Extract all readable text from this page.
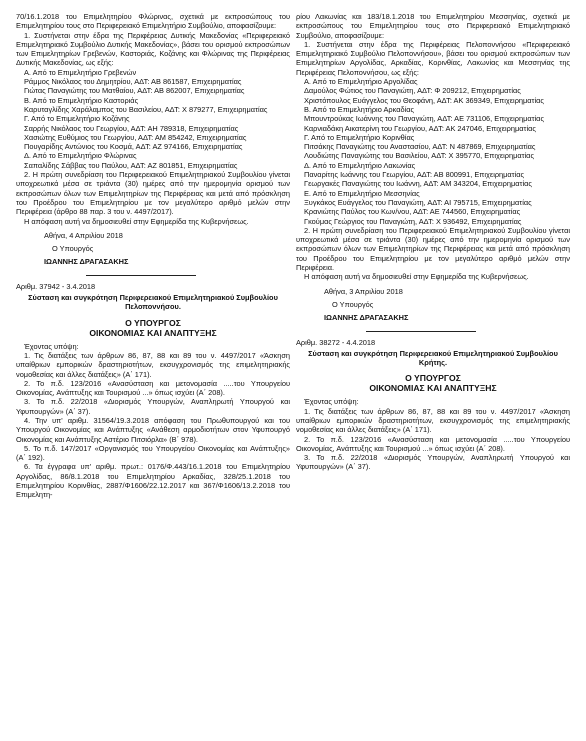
70/16.1.2018 του Επιμελητηρίου Φλώρινας, σχετικά με εκπροσώπους του Επιμελητηρίου τους στο Περιφερειακό Επιμελητήριο Συμβούλιο, αποφασίζουμε:

1. Συστήνεται στην έδρα της Περιφέρειας Δυτικής Μακεδονίας «Περιφερειακό Επιμελητηριακό Συμβούλιο Δυτικής Μακεδονίας», βάσει του ορισμού εκπροσώπων των Επιμελητηρίων Γρεβενών, Καστοριάς, Κοζάνης και Φλώρινας της Περιφέρειας Δυτικής Μακεδονίας, ως εξής:

Α. Από το Επιμελητήριο Γρεβενών

Ράμμος Νικόλαος του Δημητρίου, ΑΔΤ: ΑΒ 861587, Επιχειρηματίας

Γιώτας Παναγιώτης του Ματθαίου, ΑΔΤ: ΑΒ 862007, Επιχειρηματίας

Β. Από το Επιμελητήριο Καστοριάς

Καρυταγλίδης Χαράλαμπος του Βασιλείου, ΑΔΤ: Χ 879277, Επιχειρηματίας

Γ. Από το Επιμελητήριο Κοζάνης

Σαρρής Νικόλαος του Γεωργίου, ΑΔΤ: ΑΗ 789318, Επιχειρηματίας

Χασιώτης Ευθύμιος του Γεωργίου, ΑΔΤ: ΑΜ 854242, Επιχειρηματίας

Πουγαρίδης Αντώνιος του Κοσμά, ΑΔΤ: ΑΖ 974166, Επιχειρηματίας

Δ. Από το Επιμελητήριο Φλώρινας

Σαπαλίδης Σάββας του Παύλου, ΑΔΤ: ΑΖ 801851, Επιχειρηματίας

2. Η πρώτη συνεδρίαση του Περιφερειακού Επιμελητηριακού Συμβουλίου γίνεται υποχρεωτικά μέσα σε τριάντα (30) ημέρες από την ημερομηνία ορισμού των εκπροσώπων όλων των Επιμελητηρίων της Περιφέρειας και μετά από πρόσκληση του Προέδρου του Επιμελητηρίου με τον μεγαλύτερο αριθμό μελών στην Περιφέρεια (άρθρο 88 παρ. 3 του ν. 4497/2017).

Η απόφαση αυτή να δημοσιευθεί στην Εφημερίδα της Κυβερνήσεως.

Αθήνα, 4 Απριλίου 2018

Ο Υπουργός

ΙΩΑΝΝΗΣ ΔΡΑΓΑΣΑΚΗΣ

Αριθμ. 37942 - 3.4.2018

Σύσταση και συγκρότηση Περιφερειακού Επιμελητηριακού Συμβουλίου Πελοποννήσου.

Ο ΥΠΟΥΡΓΟΣ

ΟΙΚΟΝΟΜΙΑΣ ΚΑΙ ΑΝΑΠΤΥΞΗΣ

Έχοντας υπόψη:

1. Τις διατάξεις των άρθρων 86, 87, 88 και 89 του ν. 4497/2017 «Άσκηση υπαίθριων εμπορικών δραστηριοτήτων, εκσυγχρονισμός της επιμελητηριακής νομοθεσίας και άλλες διατάξεις» (Α΄ 171).

2. Το π.δ. 123/2016 «Ανασύσταση και μετονομασία .....του Υπουργείου Οικονομίας, Ανάπτυξης και Τουρισμού ...» όπως ισχύει (Α΄ 208).

3. Το π.δ. 22/2018 «Διορισμός Υπουργών, Αναπληρωτή Υπουργού και Υφυπουργών» (Α΄ 37).

4. Την υπ' αριθμ. 31564/19.3.2018 απόφαση του Πρωθυπουργού και του Υπουργού Οικονομίας και Ανάπτυξης «Ανάθεση αρμοδιοτήτων στον Υφυπουργό Οικονομίας και Ανάπτυξης Αστέριο Πιτσιόρλα» (Β΄ 978).

5. Το π.δ. 147/2017 «Οργανισμός του Υπουργείου Οικονομίας και Ανάπτυξης» (Α΄ 192).

6. Τα έγγραφα υπ' αριθμ. πρωτ.: 0176/Φ.443/16.1.2018 του Επιμελητηρίου Αργολίδας, 86/8.1.2018 του Επιμελητηρίου Αρκαδίας, 328/25.1.2018 του Επιμελητηρίου Κορινθίας, 2887/Φ1606/22.12.2017 και 367/Φ1606/13.2.2018 του Επιμελητη-

ρίου Λακωνίας και 183/18.1.2018 του Επιμελητηρίου Μεσσηνίας, σχετικά με εκπροσώπους του Επιμελητηρίου τους στο Περιφερειακό Επιμελητηριακό Συμβούλιο, αποφασίζουμε:

1. Συστήνεται στην έδρα της Περιφέρειας Πελοποννήσου «Περιφερειακό Επιμελητηριακό Συμβούλιο Πελοποννήσου», βάσει του ορισμού εκπροσώπων των Επιμελητηρίων Αργολίδας, Αρκαδίας, Κορινθίας, Λακωνίας και Μεσσηνίας της Περιφέρειας Πελοποννήσου, ως εξής:

Α. Από το Επιμελητήριο Αργολίδας

Δαμούλος Φώτιος του Παναγιώτη, ΑΔΤ: Φ 209212, Επιχειρηματίας

Χριστόπουλος Ευάγγελος του Θεοφάνη, ΑΔΤ: ΑΚ 369349, Επιχειρηματίας

Β. Από το Επιμελητήριο Αρκαδίας

Μπουντρούκας Ιωάννης του Παναγιώτη, ΑΔΤ: ΑΕ 731106, Επιχειρηματίας

Καρνιαδάκη Αικατερίνη του Γεωργίου, ΑΔΤ: ΑΚ 247046, Επιχειρηματίας

Γ. Από το Επιμελητήριο Κορινθίας

Πιτσάκης Παναγιώτης του Αναστασίου, ΑΔΤ: Ν 487869, Επιχειρηματίας

Λουδιώτης Παναγιώτης του Βασιλείου, ΑΔΤ: Χ 395770, Επιχειρηματίας

Δ. Από το Επιμελητήριο Λακωνίας

Παναρίτης Ιωάννης του Γεωργίου, ΑΔΤ: ΑΒ 800991, Επιχειρηματίας

Γεωργακές Παναγιώτης του Ιωάννη, ΑΔΤ: ΑΜ 343204, Επιχειρηματίας

Ε. Από το Επιμελητήριο Μεσσηνίας

Ξυγκάκος Ευάγγελος του Παναγιώτη, ΑΔΤ: ΑΙ 795715, Επιχειρηματίας

Κρανιώτης Παύλος του Κων/νου, ΑΔΤ: ΑΕ 744560, Επιχειρηματίας

Γκούμας Γεώργιος του Παναγιώτη, ΑΔΤ: Χ 936492, Επιχειρηματίας

2. Η πρώτη συνεδρίαση του Περιφερειακού Επιμελητηριακού Συμβουλίου γίνεται υποχρεωτικά μέσα σε τριάντα (30) ημέρες από την ημερομηνία ορισμού των εκπροσώπων όλων των Επιμελητηρίων της Περιφέρειας και μετά από πρόσκληση του Προέδρου του Επιμελητηρίου με τον μεγαλύτερο αριθμό μελών στην Περιφέρεια.

Η απόφαση αυτή να δημοσιευθεί στην Εφημερίδα της Κυβερνήσεως.

Αθήνα, 3 Απριλίου 2018

Ο Υπουργός

ΙΩΑΝΝΗΣ ΔΡΑΓΑΣΑΚΗΣ

Αριθμ. 38272 - 4.4.2018

Σύσταση και συγκρότηση Περιφερειακού Επιμελητηριακού Συμβουλίου Κρήτης.

Ο ΥΠΟΥΡΓΟΣ

ΟΙΚΟΝΟΜΙΑΣ ΚΑΙ ΑΝΑΠΤΥΞΗΣ

Έχοντας υπόψη:

1. Τις διατάξεις των άρθρων 86, 87, 88 και 89 του ν. 4497/2017 «Άσκηση υπαίθριων εμπορικών δραστηριοτήτων, εκσυγχρονισμός της επιμελητηριακής νομοθεσίας και άλλες διατάξεις» (Α΄ 171).

2. Το π.δ. 123/2016 «Ανασύσταση και μετονομασία .....του Υπουργείου Οικονομίας, Ανάπτυξης και Τουρισμού ...» όπως ισχύει (Α΄ 208).

3. Το π.δ. 22/2018 «Διορισμός Υπουργών, Αναπληρωτή Υπουργού και Υφυπουργών» (Α΄ 37).
